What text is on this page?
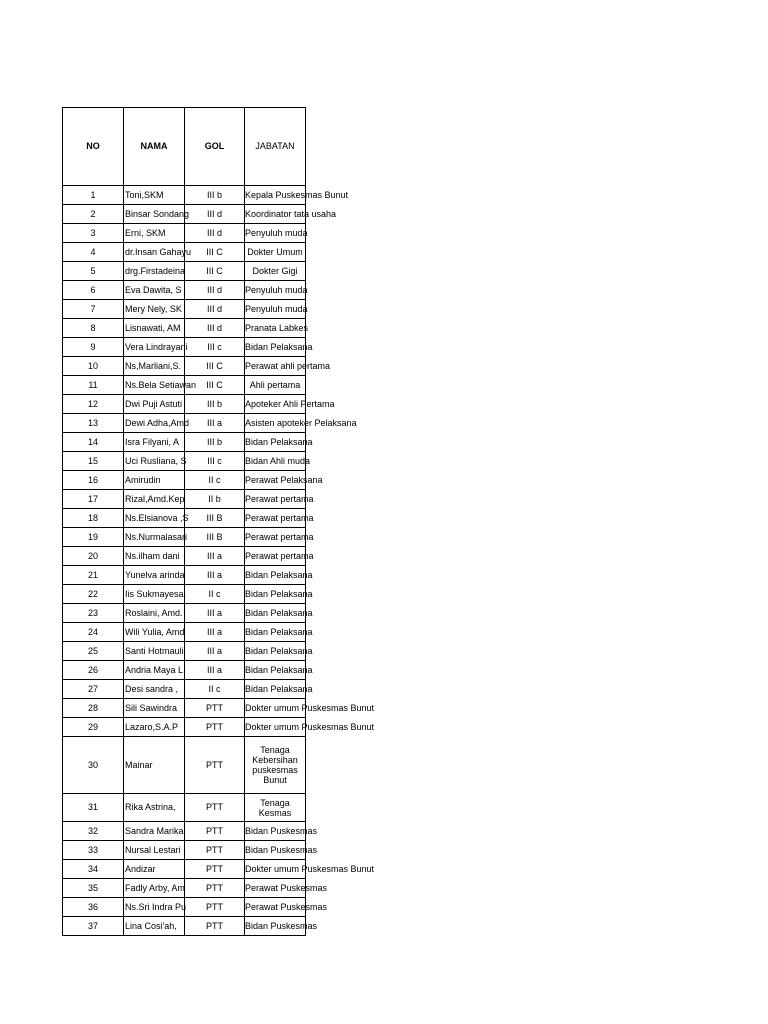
NO	NAMA	GOL	JABATAN
1	Toni,SKM	III b	Kepala Puskesmas Bunut

2	Binsar Sondang	III d	Koordinator tata usaha

3	Erni, SKM	III d	Penyuluh muda

4	dr.Insan Gahayu	III C	Dokter Umum

5	drg.Firstadeina	III C	Dokter Gigi

6	Eva Dawita, S	III d	Penyuluh muda

7	Mery Nely, SK	III d	Penyuluh muda

8	Lisnawati, AM	III d	Pranata Labkes

9	Vera Lindrayani	III c	Bidan Pelaksana

10	Ns,Marliani,S.	III C	Perawat ahli pertama

11	Ns.Bela Setiawan	III C	Ahli pertama

12	Dwi Puji Astuti	III b	Apoteker Ahli Pertama

13	Dewi Adha,Amd	III a	Asisten apoteker Pelaksana

14	Isra Filyani, A	III b	Bidan Pelaksana

15	Uci Rusliana, S	III c	Bidan Ahli muda

16	Amirudin	II c	Perawat Pelaksana

17	Rizal,Amd.Kep	II b	Perawat pertama

18	Ns.Elsianova ,S	III B	Perawat pertama

19	Ns.Nurmalasari	III B	Perawat pertama

20	Ns.ilham dani	III a	Perawat pertama

21	Yunelva arinda	III a	Bidan Pelaksana

22	Iis Sukmayesa,	II c	Bidan Pelaksana

23	Roslaini, Amd.	III a	Bidan Pelaksana

24	Wili Yulia, Amd	III a	Bidan Pelaksana

25	Santi Hotmauli	III a	Bidan Pelaksana

26	Andria Maya L	III a	Bidan Pelaksana

27	Desi sandra ,	II c	Bidan Pelaksana

28	Sili Sawindra	PTT	Dokter umum Puskesmas Bunut

29	Lazaro,S.A.P	PTT	Dokter umum Puskesmas Bunut

30	Mainar	PTT	Tenaga Kebersihan puskesmas Bunut

31	Rika Astrina,	PTT	Tenaga Kesmas

32	Sandra Marika	PTT	Bidan Puskesmas

33	Nursal Lestari	PTT	Bidan Puskesmas

34	Andizar	PTT	Dokter umum Puskesmas Bunut

35	Fadly Arby, Am	PTT	Perawat Puskesmas

36	Ns.Sri Indra Pu	PTT	Perawat Puskesmas

37	Lina Cosi'ah,	PTT	Bidan Puskesmas
